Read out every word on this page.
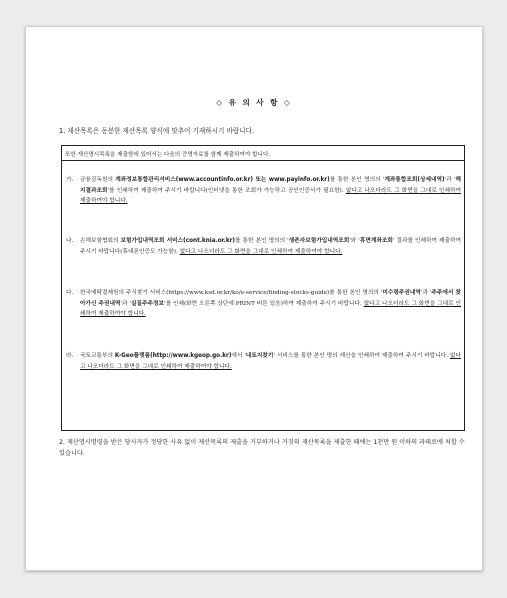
◇ 유 의 사 항 ◇
1. 재산목록은 동봉한 재산목록 양식에 맞추어 기재하시기 바랍니다.
또한 재산명시목록을 제출함에 있어서는 다음의 증명자료를 함께 제출하여야 합니다.
가. 금융감독원의 계좌정보통합관리서비스(www.accountinfo.or.kr) 또는 www.payinfo.or.kr)를 통한 본인 명의의 '계좌통합조회(상세내역)'과 '해지결과조회'를 인쇄하여 제출하여 주시기 바랍니다(인터넷을 통한 조회가 가능하고 공인인증서가 필요함). 없다고 나오더라도 그 화면을 그대로 인쇄하여 제출하여야 합니다.
나. 손해보험협회의 보험가입내역조회 서비스(cont.knia.or.kr)를 통한 본인 명의의 '생존자보험가입내역조회'와 '휴면계좌조회' 결과를 인쇄하여 제출하여 주시기 바랍니다(휴대폰인증도 가능함). 없다고 나오더라도 그 화면을 그대로 인쇄하여 제출하여야 합니다.
다. 한국예탁결제원의 주식찾기 서비스(https://www.ksd.or.kr/ko/e-service/finding-stocks-guide)를 통한 본인 명의의 '미수령주권내역'과 '주주에서 찾아가신 주권내역'과 '실질주주정보'를 인쇄(화면 오른쪽 상단에 PRINT 버튼 있음)하여 제출하여 주시기 바랍니다. 없다고 나오더라도 그 화면을 그대로 인쇄하여 제출하여야 합니다.
라. 국토교통부의 K-Geo플랫폼(http://www.kgeop.go.kr)에서 '내토지찾기' 서비스를 통한 본인 명의 재산을 인쇄하여 제출하여 주시기 바랍니다. 없다고 나오더라도 그 화면을 그대로 인쇄하여 제출하여야 합니다.
2. 재산명시명령을 받은 당사자가 정당한 사유 없이 재산목록의 제출을 거부하거나 거짓의 재산목록을 제출한 때에는 1천만 원 이하의 과태료에 처할 수 있습니다.
